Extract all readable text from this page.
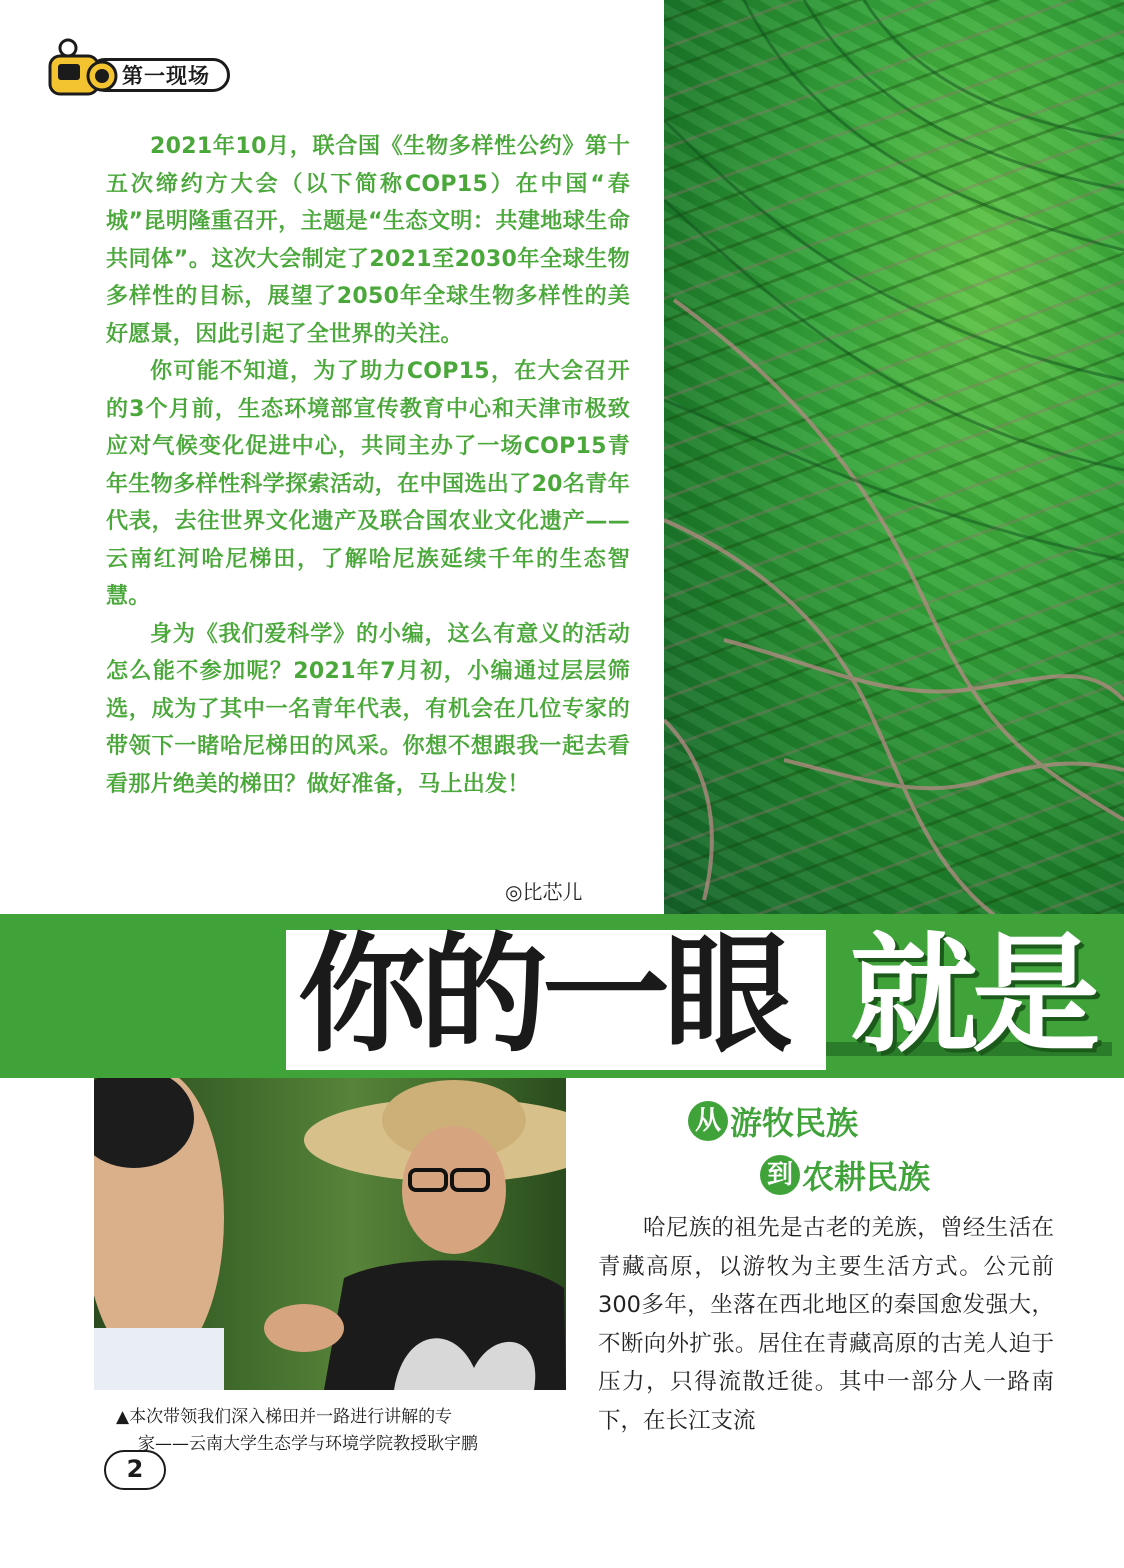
第一现场

2021年10月，联合国《生物多样性公约》第十五次缔约方大会（以下简称COP15）在中国“春城”昆明隆重召开，主题是“生态文明：共建地球生命共同体”。这次大会制定了2021至2030年全球生物多样性的目标，展望了2050年全球生物多样性的美好愿景，因此引起了全世界的关注。

你可能不知道，为了助力COP15，在大会召开的3个月前，生态环境部宣传教育中心和天津市极致应对气候变化促进中心，共同主办了一场COP15青年生物多样性科学探索活动，在中国选出了20名青年代表，去往世界文化遗产及联合国农业文化遗产——云南红河哈尼梯田，了解哈尼族延续千年的生态智慧。

身为《我们爱科学》的小编，这么有意义的活动怎么能不参加呢？2021年7月初，小编通过层层筛选，成为了其中一名青年代表，有机会在几位专家的带领下一睹哈尼梯田的风采。你想不想跟我一起去看看那片绝美的梯田？做好准备，马上出发！

◎比芯儿
你的一眼 就是
▲本次带领我们深入梯田并一路进行讲解的专
家——云南大学生态学与环境学院教授耿宇鹏
从 游牧民族
到 农耕民族

哈尼族的祖先是古老的羌族，曾经生活在青藏高原，以游牧为主要生活方式。公元前300多年，坐落在西北地区的秦国愈发强大，不断向外扩张。居住在青藏高原的古羌人迫于压力，只得流散迁徙。其中一部分人一路南下，在长江支流

2
